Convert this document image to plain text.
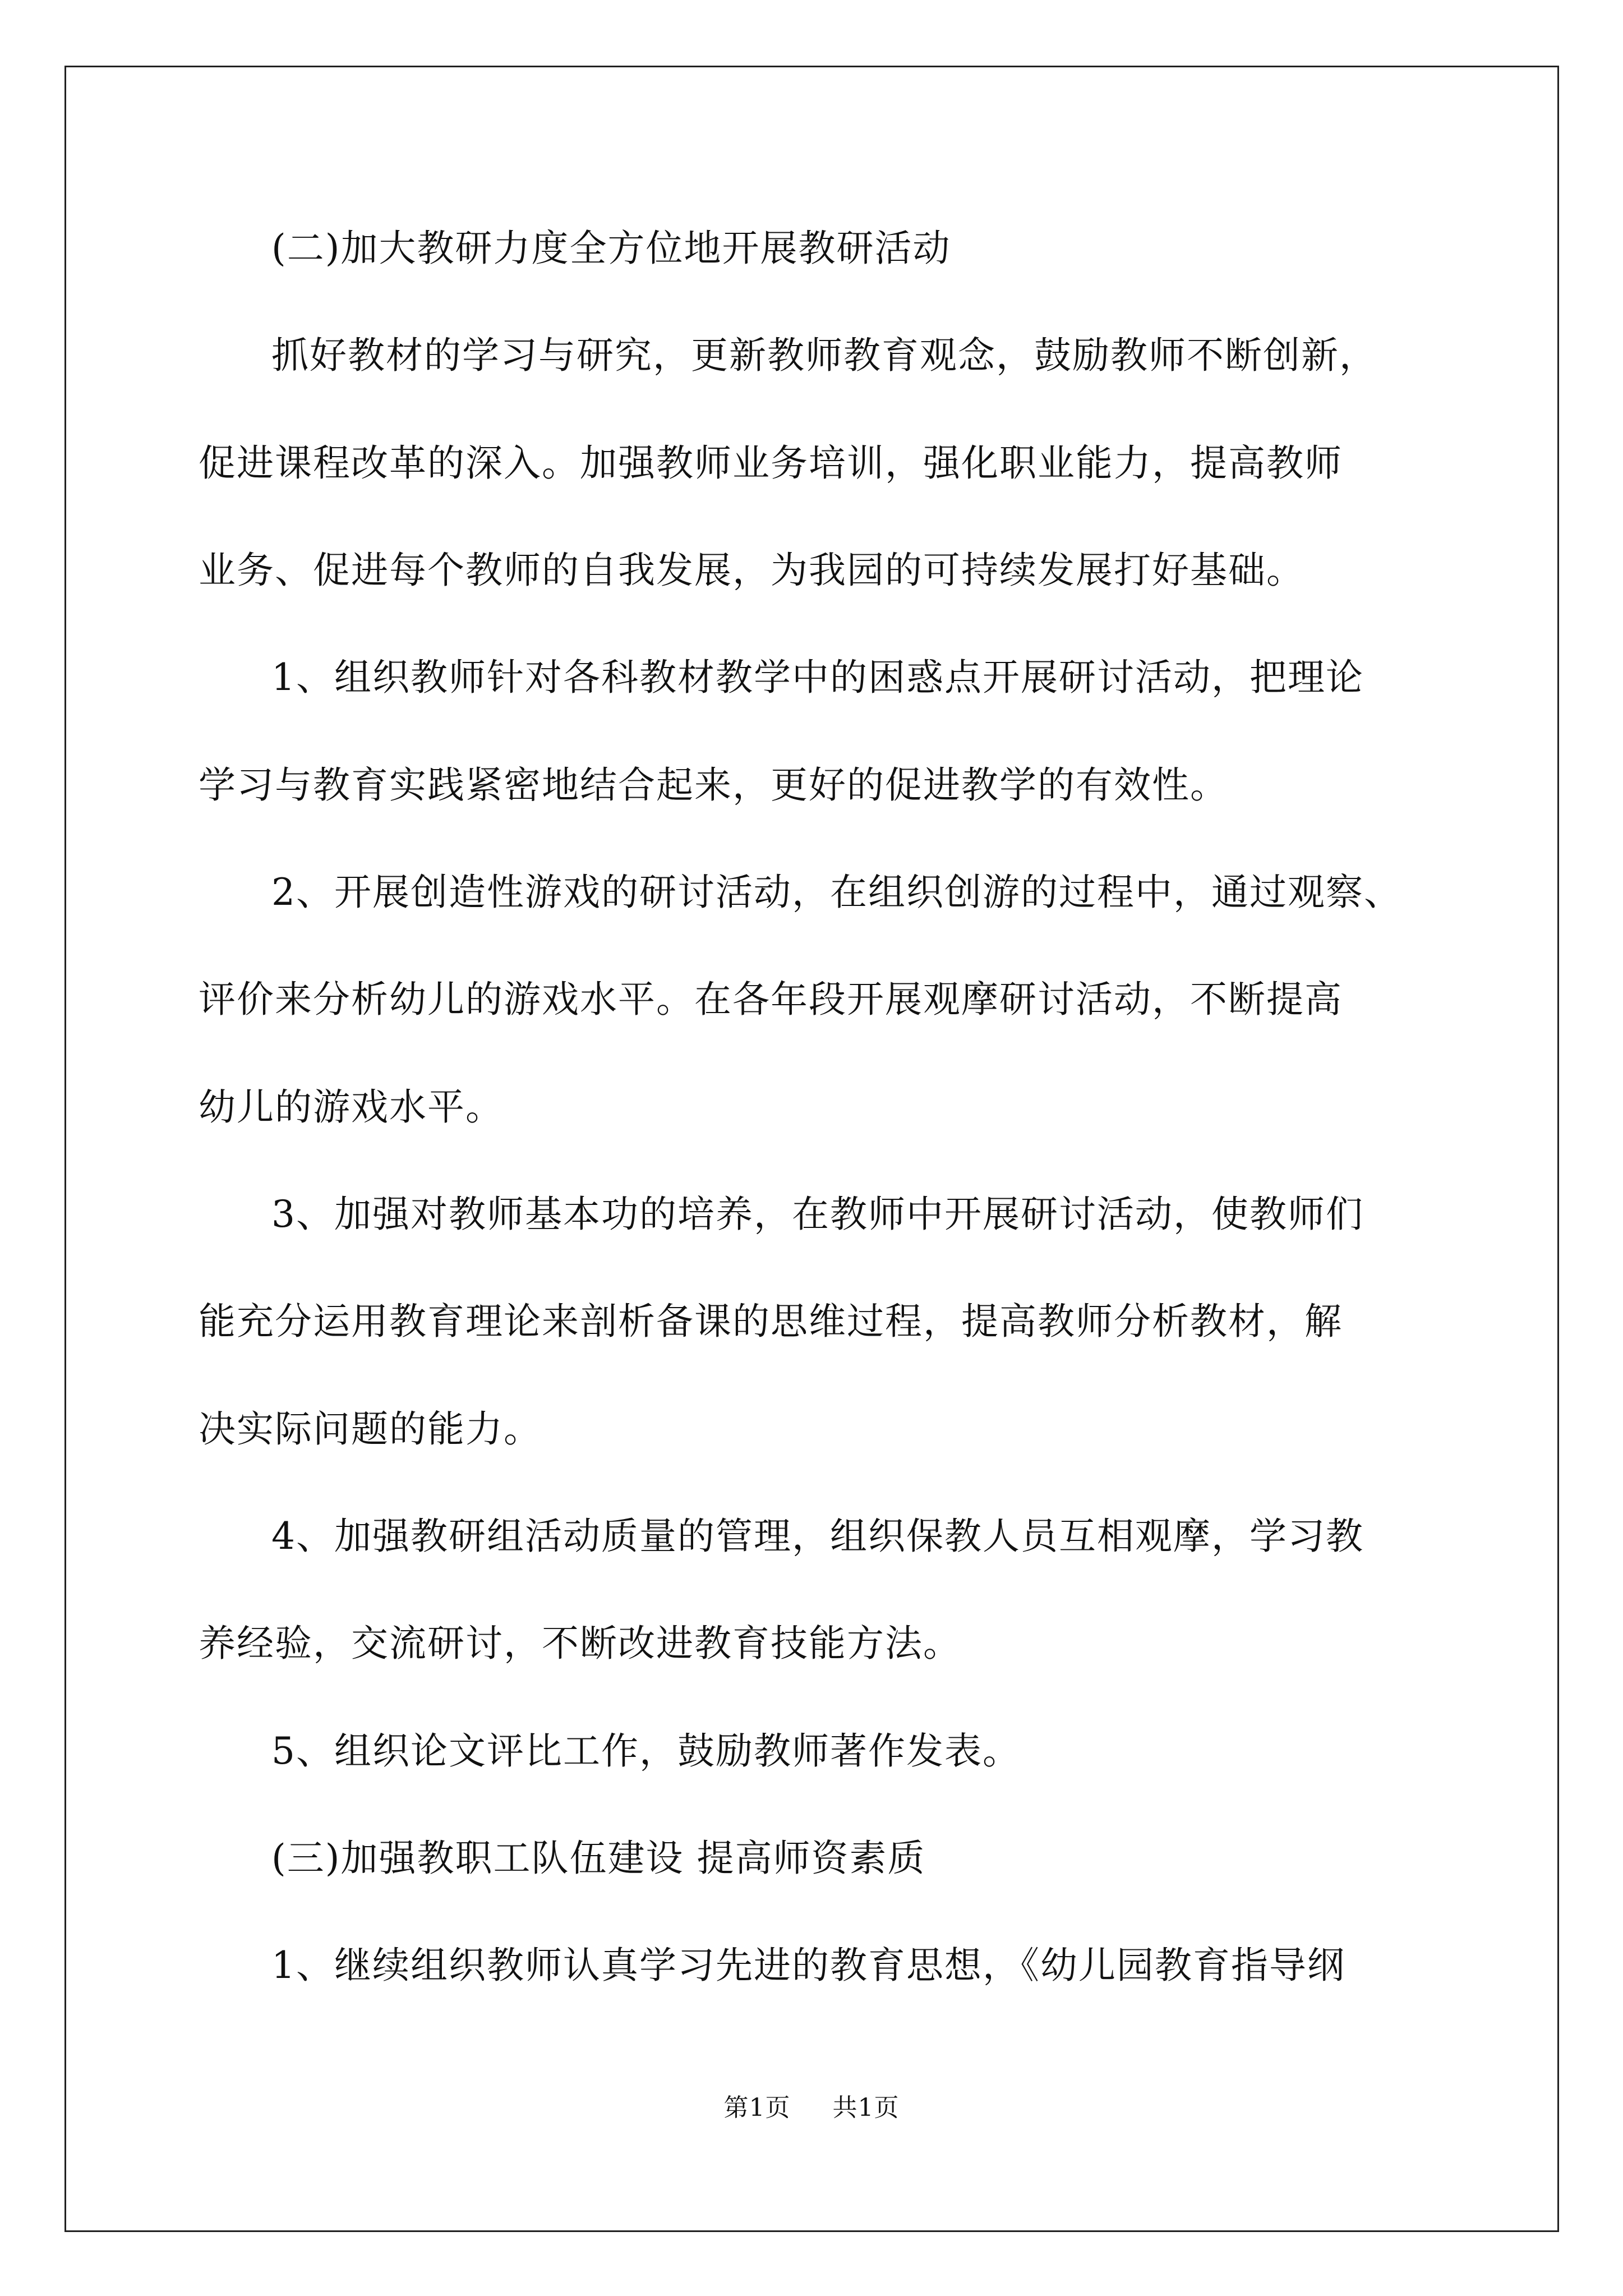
(二)加大教研力度全方位地开展教研活动
抓好教材的学习与研究，更新教师教育观念，鼓励教师不断创新，
促进课程改革的深入。加强教师业务培训，强化职业能力，提高教师
业务、促进每个教师的自我发展，为我园的可持续发展打好基础。
1、组织教师针对各科教材教学中的困惑点开展研讨活动，把理论
学习与教育实践紧密地结合起来，更好的促进教学的有效性。
2、开展创造性游戏的研讨活动，在组织创游的过程中，通过观察、
评价来分析幼儿的游戏水平。在各年段开展观摩研讨活动，不断提高
幼儿的游戏水平。
3、加强对教师基本功的培养，在教师中开展研讨活动，使教师们
能充分运用教育理论来剖析备课的思维过程，提高教师分析教材，解
决实际问题的能力。
4、加强教研组活动质量的管理，组织保教人员互相观摩，学习教
养经验，交流研讨，不断改进教育技能方法。
5、组织论文评比工作，鼓励教师著作发表。
(三)加强教职工队伍建设 提高师资素质
1、继续组织教师认真学习先进的教育思想，《幼儿园教育指导纲
第1页 共1页
